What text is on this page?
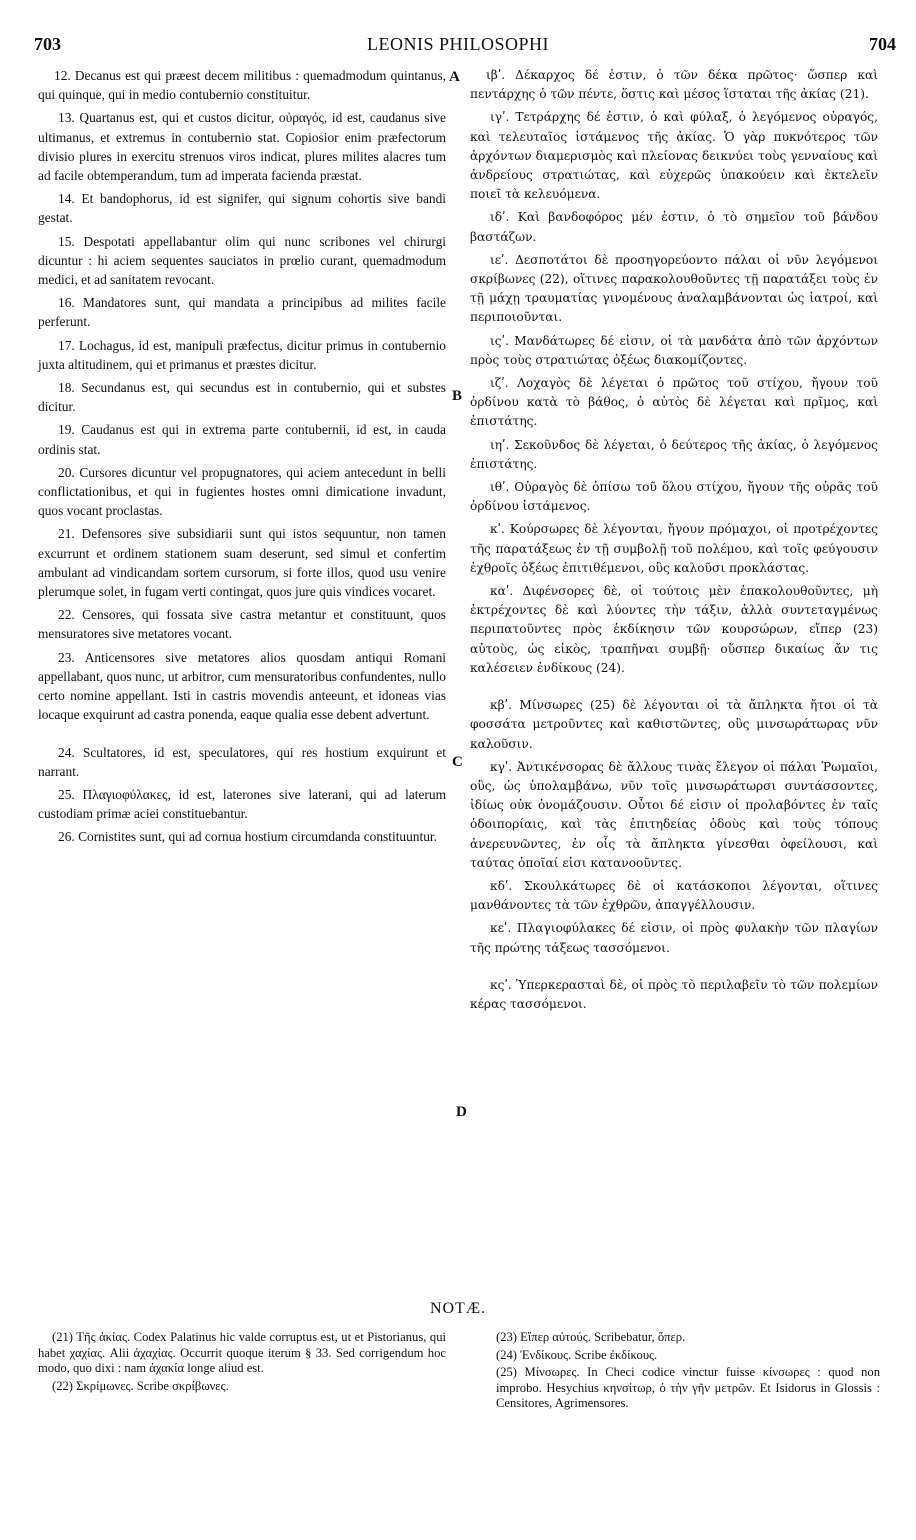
703	LEONIS PHILOSOPHI	704
A
B
C
D

12. Decanus est qui præest decem militibus : quemadmodum quintanus, qui quinque, qui in medio contubernio constituitur.

13. Quartanus est, qui et custos dicitur, οὐραγός, id est, caudanus sive ultimanus, et extremus in contubernio stat. Copiosior enim præfectorum divisio plures in exercitu strenuos viros indicat, plures milites alacres tum ad facile obtemperandum, tum ad imperata facienda præstat.

14. Et bandophorus, id est signifer, qui signum cohortis sive bandi gestat.

15. Despotati appellabantur olim qui nunc scribones vel chirurgi dicuntur : hi aciem sequentes sauciatos in prœlio curant, quemadmodum medici, et ad sanitatem revocant.

16. Mandatores sunt, qui mandata a principibus ad milites facile perferunt.

17. Lochagus, id est, manipuli præfectus, dicitur primus in contubernio juxta altitudinem, qui et primanus et præstes dicitur.

18. Secundanus est, qui secundus est in contubernio, qui et substes dicitur.

19. Caudanus est qui in extrema parte contubernii, id est, in cauda ordinis stat.

20. Cursores dicuntur vel propugnatores, qui aciem antecedunt in belli conflictationibus, et qui in fugientes hostes omni dimicatione invadunt, quos vocant proclastas.

21. Defensores sive subsidiarii sunt qui istos sequuntur, non tamen excurrunt et ordinem stationem suam deserunt, sed simul et confertim ambulant ad vindicandam sortem cursorum, si forte illos, quod usu venire plerumque solet, in fugam verti contingat, quos jure quis vindices vocaret.

22. Censores, qui fossata sive castra metantur et constituunt, quos mensuratores sive metatores vocant.

23. Anticensores sive metatores alios quosdam antiqui Romani appellabant, quos nunc, ut arbitror, cum mensuratoribus confundentes, nullo certo nomine appellant. Isti in castris movendis anteeunt, et idoneas vias locaque exquirunt ad castra ponenda, eaque qualia esse debent advertunt.

24. Scultatores, id est, speculatores, qui res hostium exquirunt et narrant.

25. Πλαγιοφύλακες, id est, laterones sive laterani, qui ad laterum custodiam primæ aciei constituebantur.

26. Cornistites sunt, qui ad cornua hostium circumdanda constituuntur.

ιβʹ. Δέκαρχος δέ ἐστιν, ὁ τῶν δέκα πρῶτος· ὥσπερ καὶ πεντάρχης ὁ τῶν πέντε, ὅστις καὶ μέσος ἵσταται τῆς ἀκίας (21).

ιγʹ. Τετράρχης δέ ἐστιν, ὁ καὶ φύλαξ, ὁ λεγόμενος οὐραγός, καὶ τελευταῖος ἱστάμενος τῆς ἀκίας. Ὁ γὰρ πυκνότερος τῶν ἀρχόντων διαμερισμὸς καὶ πλείονας δεικνύει τοὺς γενναίους καὶ ἀνδρείους στρατιώτας, καὶ εὐχερῶς ὑπακούειν καὶ ἐκτελεῖν ποιεῖ τὰ κελευόμενα.

ιδʹ. Καὶ βανδοφόρος μέν ἐστιν, ὁ τὸ σημεῖον τοῦ βάνδου βαστάζων.

ιεʹ. Δεσποτάτοι δὲ προσηγορεύοντο πάλαι οἱ νῦν λεγόμενοι σκρίβωνες (22), οἵτινες παρακολουθοῦντες τῇ παρατάξει τοὺς ἐν τῇ μάχῃ τραυματίας γινομένους ἀναλαμβάνονται ὡς ἰατροί, καὶ περιποιοῦνται.

ιςʹ. Μανδάτωρες δέ εἰσιν, οἱ τὰ μανδάτα ἀπὸ τῶν ἀρχόντων πρὸς τοὺς στρατιώτας ὀξέως διακομίζοντες.

ιζʹ. Λοχαγὸς δὲ λέγεται ὁ πρῶτος τοῦ στίχου, ἤγουν τοῦ ὀρδίνου κατὰ τὸ βάθος, ὁ αὐτὸς δὲ λέγεται καὶ πρῖμος, καὶ ἐπιστάτης.

ιηʹ. Σεκοῦνδος δὲ λέγεται, ὁ δεύτερος τῆς ἀκίας, ὁ λεγόμενος ἐπιστάτης.

ιθʹ. Οὐραγὸς δὲ ὀπίσω τοῦ ὅλου στίχου, ἤγουν τῆς οὐρᾶς τοῦ ὀρδίνου ἱστάμενος.

κʹ. Κούρσωρες δὲ λέγονται, ἤγουν πρόμαχοι, οἱ προτρέχοντες τῆς παρατάξεως ἐν τῇ συμβολῇ τοῦ πολέμου, καὶ τοῖς φεύγουσιν ἐχθροῖς ὀξέως ἐπιτιθέμενοι, οὓς καλοῦσι προκλάστας.

καʹ. Διφένσορες δὲ, οἱ τούτοις μὲν ἐπακολουθοῦντες, μὴ ἐκτρέχοντες δὲ καὶ λύοντες τὴν τάξιν, ἀλλὰ συντεταγμένως περιπατοῦντες πρὸς ἐκδίκησιν τῶν κουρσώρων, εἴπερ (23) αὐτοὺς, ὡς εἰκὸς, τραπῆναι συμβῇ· οὕσπερ δικαίως ἄν τις καλέσειεν ἐνδίκους (24).

κβʹ. Μίνσωρες (25) δὲ λέγονται οἱ τὰ ἄπληκτα ἤτοι οἱ τὰ φοσσάτα μετροῦντες καὶ καθιστῶντες, οὓς μινσωράτωρας νῦν καλοῦσιν.

κγʹ. Ἀντικένσορας δὲ ἄλλους τινὰς ἔλεγον οἱ πάλαι Ῥωμαῖοι, οὓς, ὡς ὑπολαμβάνω, νῦν τοῖς μινσωράτωρσι συντάσσοντες, ἰδίως οὐκ ὀνομάζουσιν. Οὗτοι δέ εἰσιν οἱ προλαβόντες ἐν ταῖς ὁδοιπορίαις, καὶ τὰς ἐπιτηδείας ὁδοὺς καὶ τοὺς τόπους ἀνερευνῶντες, ἐν οἷς τὰ ἄπληκτα γίνεσθαι ὀφείλουσι, καὶ ταύτας ὁποῖαί εἰσι κατανοοῦντες.

κδʹ. Σκουλκάτωρες δὲ οἱ κατάσκοποι λέγονται, οἵτινες μανθάνοντες τὰ τῶν ἐχθρῶν, ἀπαγγέλλουσιν.

κεʹ. Πλαγιοφύλακες δέ εἰσιν, οἱ πρὸς φυλακὴν τῶν πλαγίων τῆς πρώτης τάξεως τασσόμενοι.

κςʹ. Ὑπερκερασταὶ δὲ, οἱ πρὸς τὸ περιλαβεῖν τὸ τῶν πολεμίων κέρας τασσόμενοι.

NOTÆ.

(21) Τῆς ἀκίας. Codex Palatinus hic valde corruptus est, ut et Pistorianus, qui habet χαχίας. Alii ἀχαχίας. Occurrit quoque iterum § 33. Sed corrigendum hoc modo, quo dixi : nam ἀχακία longe aliud est.

(22) Σκρίμωνες. Scribe σκρίβωνες.

(23) Εἴπερ αὐτούς. Scribebatur, ὅπερ.

(24) Ἐνδίκους. Scribe ἐκδίκους.

(25) Μίνσωρες. In Checi codice vinctur fuisse κίνσωρες : quod non improbo. Hesychius κηνσίτωρ, ὁ τὴν γῆν μετρῶν. Et Isidorus in Glossis : Censitores, Agrimensores.
